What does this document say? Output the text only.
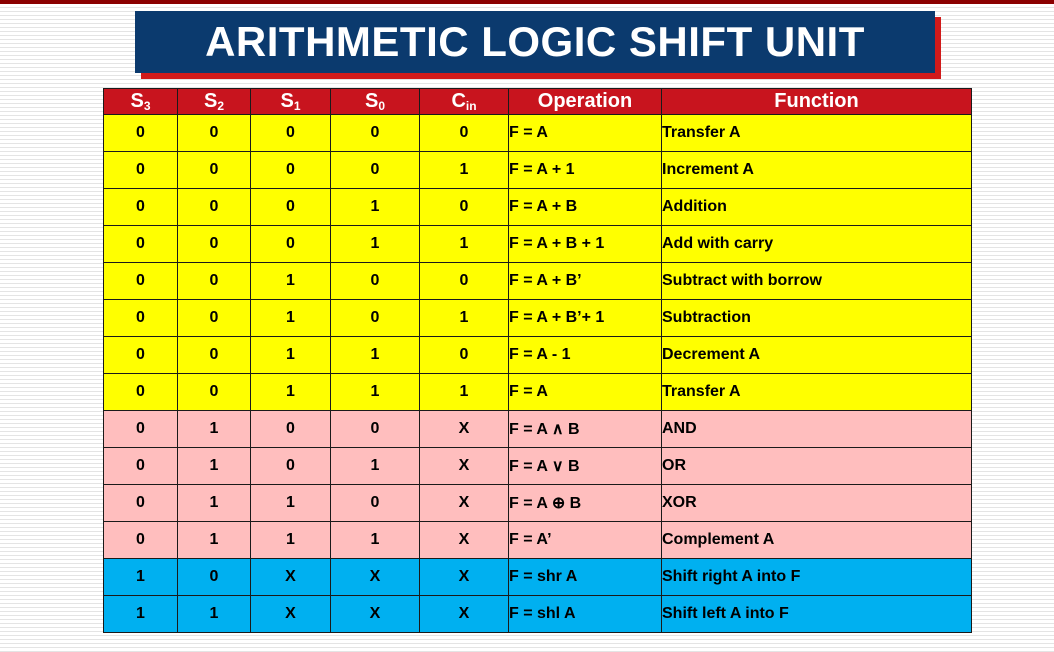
ARITHMETIC LOGIC SHIFT UNIT
$S_3$	$S_2$	$S_1$	$S_0$	$C_{in}$	Operation	Function
0	0	0	0	0	F = A	Transfer A
0	0	0	0	1	F = A + 1	Increment A
0	0	0	1	0	F = A + B	Addition
0	0	0	1	1	F = A + B + 1	Add with carry
0	0	1	0	0	F = A + B’	Subtract with borrow
0	0	1	0	1	F = A + B’+ 1	Subtraction
0	0	1	1	0	F = A - 1	Decrement A
0	0	1	1	1	F = A	Transfer A
0	1	0	0	X	F = A ∧ B	AND
0	1	0	1	X	F = A ∨ B	OR
0	1	1	0	X	F = A ⊕ B	XOR
0	1	1	1	X	F = A’	Complement A
1	0	X	X	X	F = shr A	Shift right A into F
1	1	X	X	X	F = shl A	Shift left A into F
